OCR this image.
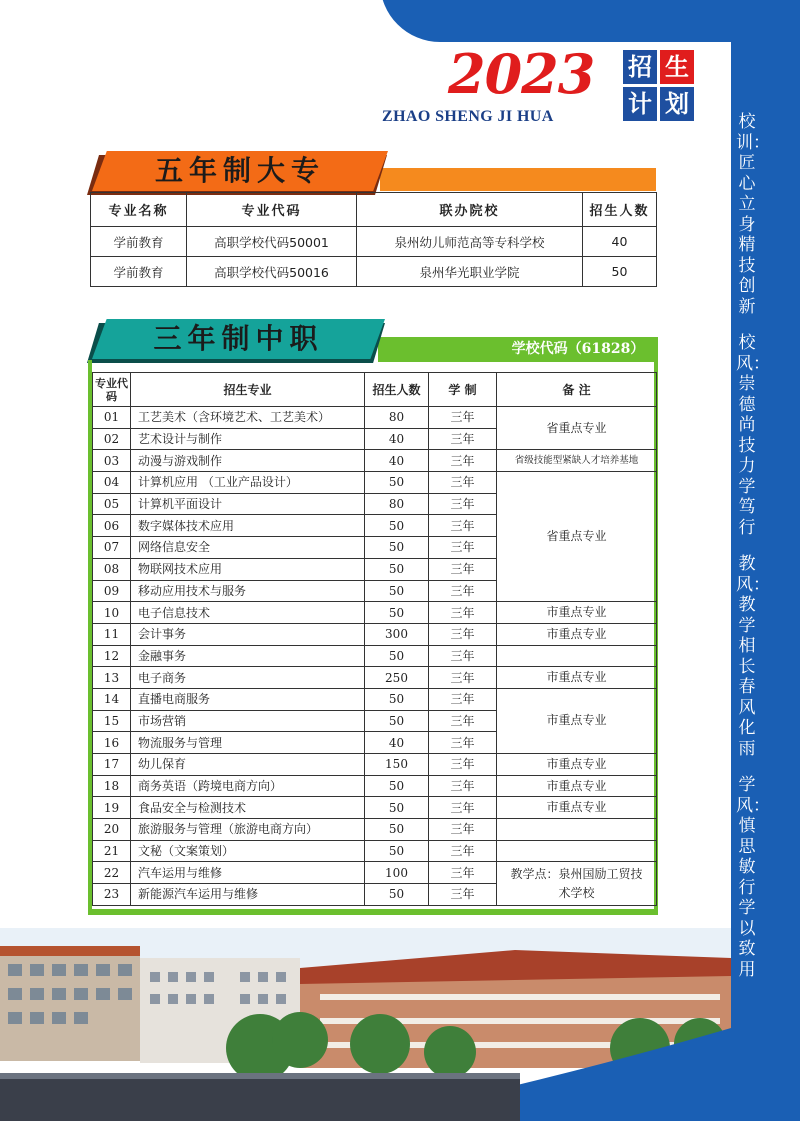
校训：匠心立身 精技创新
校风：崇德尚技 力学笃行
教风：教学相长 春风化雨
学风：慎思敏行 学以致用
2023 招 生
计 划
ZHAO SHENG JI HUA
五年制大专
专业名称	专业代码	联办院校	招生人数
学前教育	高职学校代码50001	泉州幼儿师范高等专科学校	40
学前教育	高职学校代码50016	泉州华光职业学院	50
学校代码（61828）
三年制中职
专业代码	招生专业	招生人数	学 制	备 注
01	工艺美术（含环境艺术、工艺美术）	80	三年	省重点专业
02	艺术设计与制作	40	三年	
03	动漫与游戏制作	40	三年	省级技能型紧缺人才培养基地
04	计算机应用 （工业产品设计）	50	三年	省重点专业
05	计算机平面设计	80	三年	
06	数字媒体技术应用	50	三年	
07	网络信息安全	50	三年	
08	物联网技术应用	50	三年	
09	移动应用技术与服务	50	三年	
10	电子信息技术	50	三年	市重点专业
11	会计事务	300	三年	市重点专业
12	金融事务	50	三年	
13	电子商务	250	三年	市重点专业
14	直播电商服务	50	三年	市重点专业
15	市场营销	50	三年	
16	物流服务与管理	40	三年	
17	幼儿保育	150	三年	市重点专业
18	商务英语（跨境电商方向）	50	三年	市重点专业
19	食品安全与检测技术	50	三年	市重点专业
20	旅游服务与管理（旅游电商方向）	50	三年	
21	文秘（文案策划）	50	三年	
22	汽车运用与维修	100	三年	教学点：泉州国励工贸技术学校
23	新能源汽车运用与维修	50	三年	
